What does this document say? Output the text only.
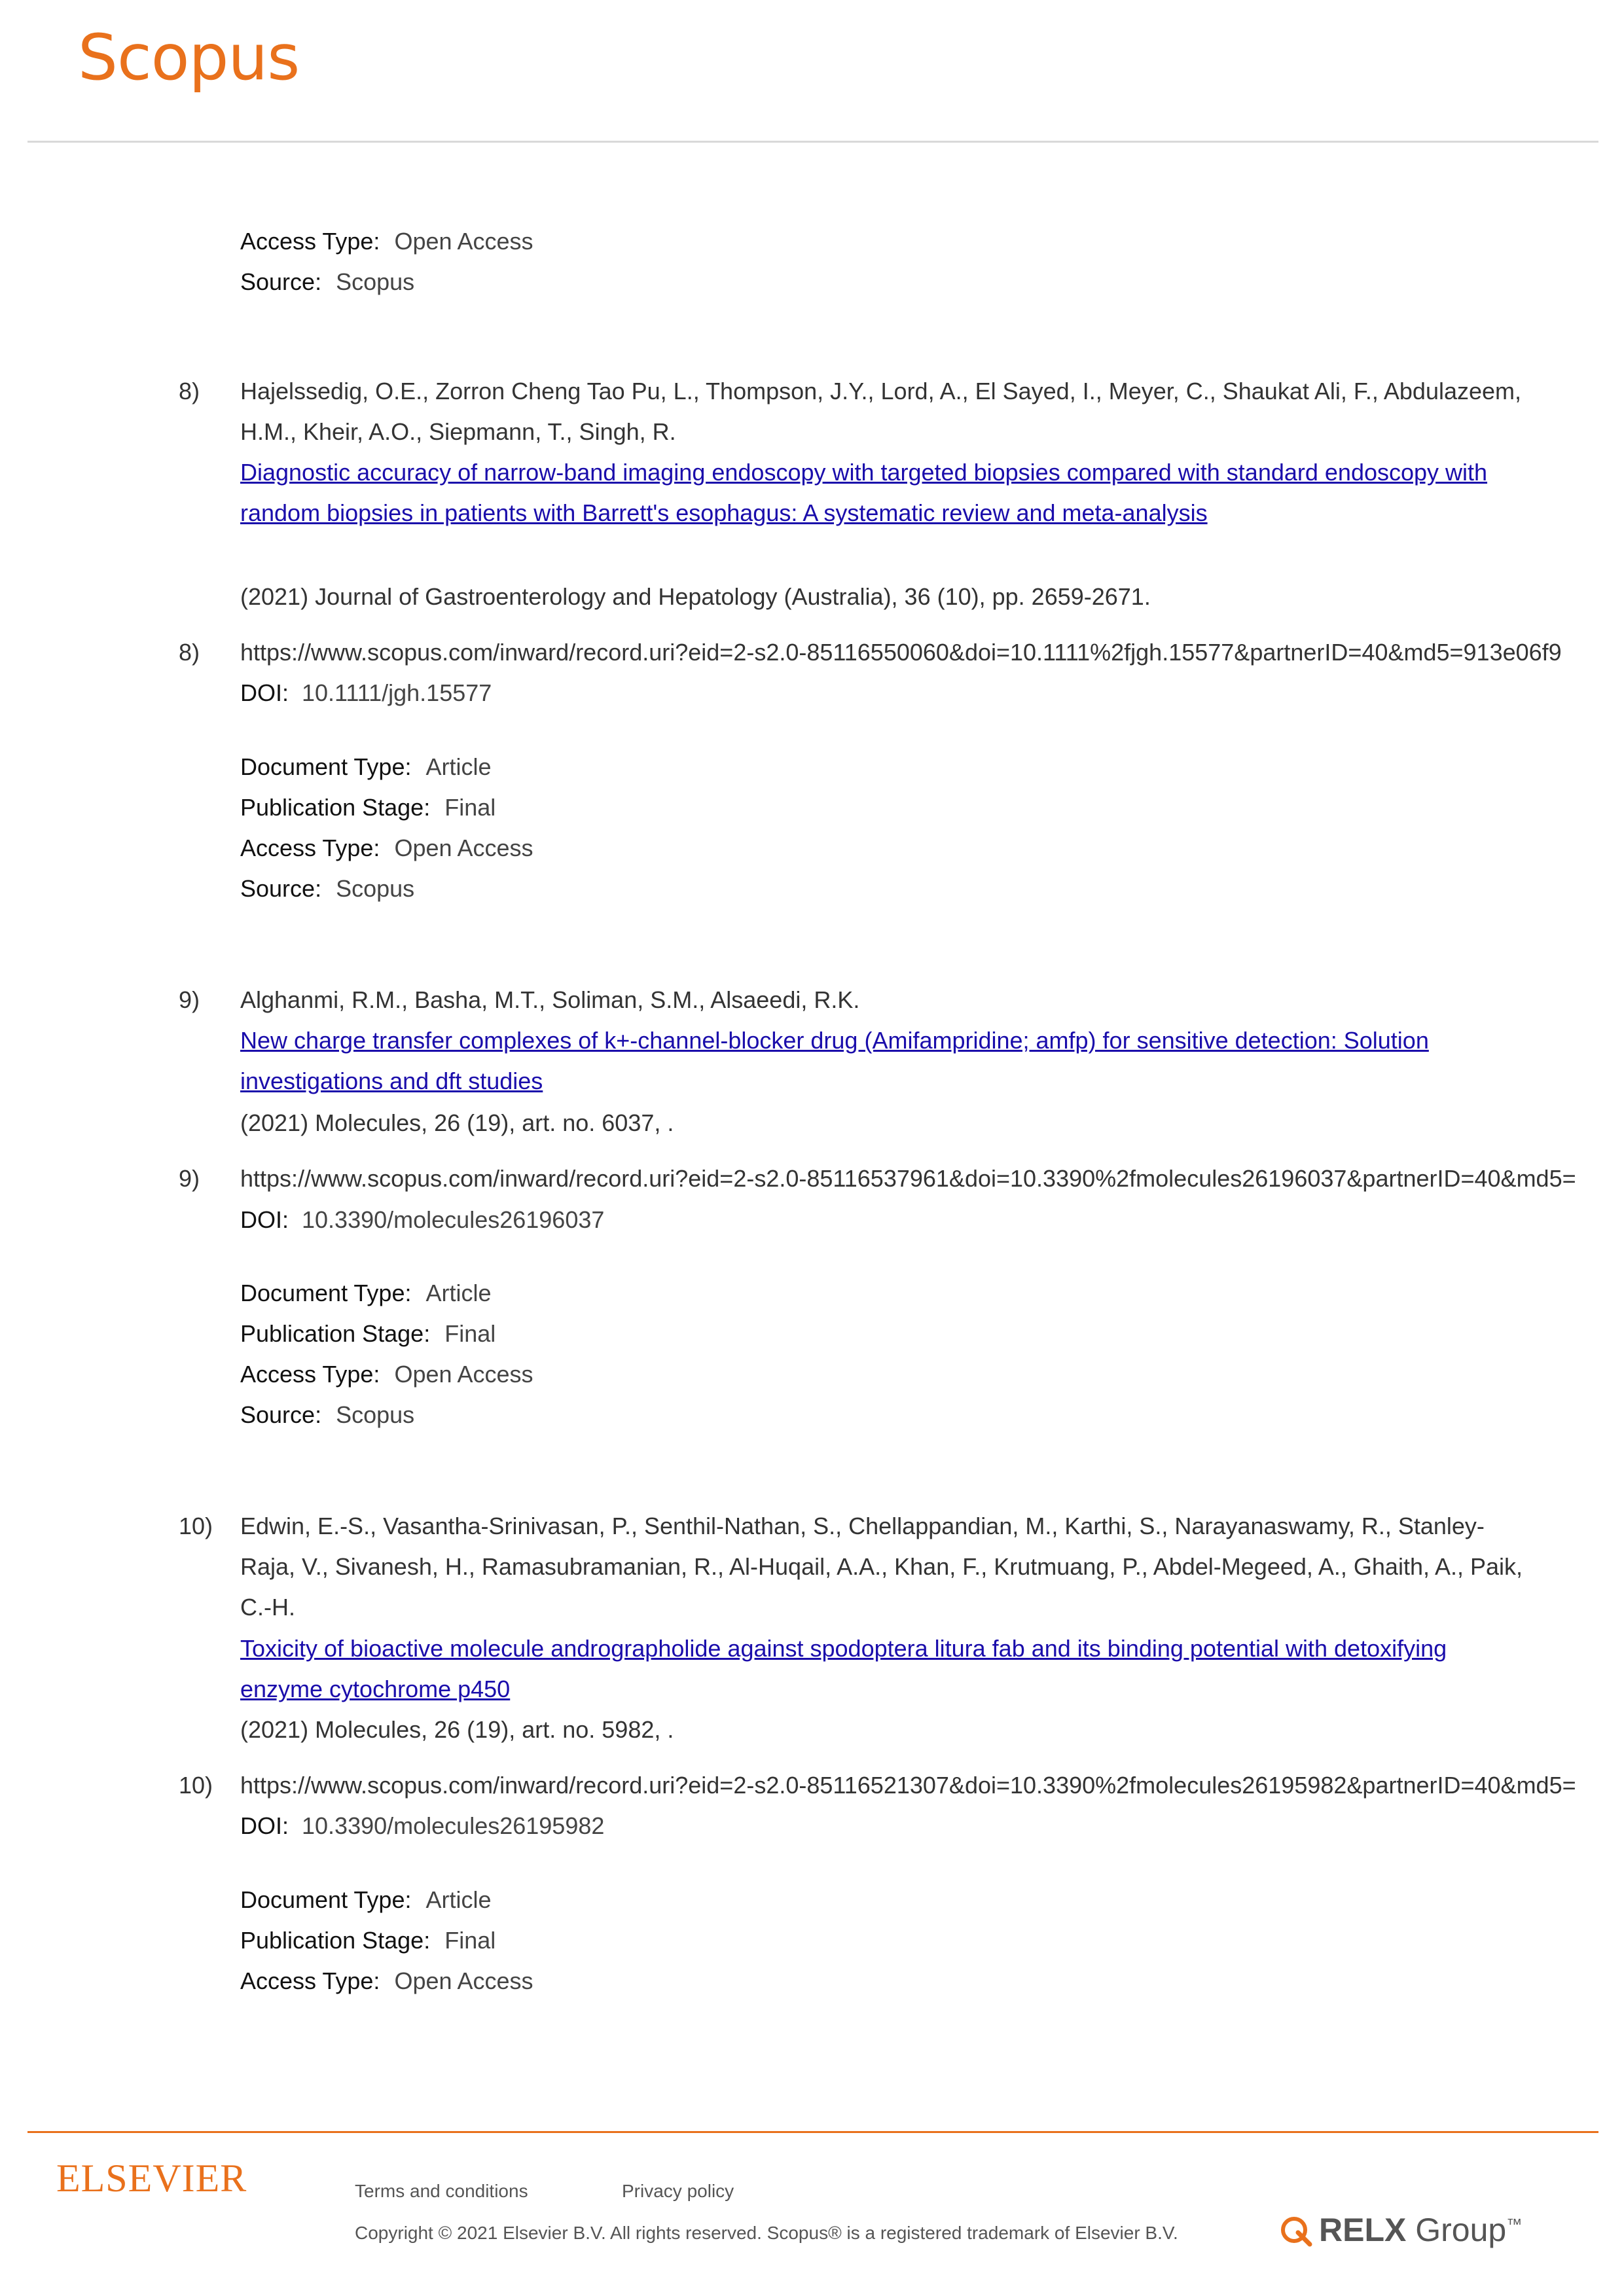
Scopus
Access Type: Open Access
Source: Scopus
8) Hajelssedig, O.E., Zorron Cheng Tao Pu, L., Thompson, J.Y., Lord, A., El Sayed, I., Meyer, C., Shaukat Ali, F., Abdulazeem, H.M., Kheir, A.O., Siepmann, T., Singh, R.
Diagnostic accuracy of narrow-band imaging endoscopy with targeted biopsies compared with standard endoscopy with random biopsies in patients with Barrett's esophagus: A systematic review and meta-analysis
(2021) Journal of Gastroenterology and Hepatology (Australia), 36 (10), pp. 2659-2671.
8) https://www.scopus.com/inward/record.uri?eid=2-s2.0-85116550060&doi=10.1111%2fjgh.15577&partnerID=40&md5=913e06f9
DOI: 10.1111/jgh.15577
Document Type: Article
Publication Stage: Final
Access Type: Open Access
Source: Scopus
9) Alghanmi, R.M., Basha, M.T., Soliman, S.M., Alsaeedi, R.K.
New charge transfer complexes of k+-channel-blocker drug (Amifampridine; amfp) for sensitive detection: Solution investigations and dft studies
(2021) Molecules, 26 (19), art. no. 6037, .
9) https://www.scopus.com/inward/record.uri?eid=2-s2.0-85116537961&doi=10.3390%2fmolecules26196037&partnerID=40&md5=
DOI: 10.3390/molecules26196037
Document Type: Article
Publication Stage: Final
Access Type: Open Access
Source: Scopus
10) Edwin, E.-S., Vasantha-Srinivasan, P., Senthil-Nathan, S., Chellappandian, M., Karthi, S., Narayanaswamy, R., Stanley-Raja, V., Sivanesh, H., Ramasubramanian, R., Al-Huqail, A.A., Khan, F., Krutmuang, P., Abdel-Megeed, A., Ghaith, A., Paik, C.-H.
Toxicity of bioactive molecule andrographolide against spodoptera litura fab and its binding potential with detoxifying enzyme cytochrome p450
(2021) Molecules, 26 (19), art. no. 5982, .
10) https://www.scopus.com/inward/record.uri?eid=2-s2.0-85116521307&doi=10.3390%2fmolecules26195982&partnerID=40&md5=
DOI: 10.3390/molecules26195982
Document Type: Article
Publication Stage: Final
Access Type: Open Access
ELSEVIER	Terms and conditions	Privacy policy
Copyright © 2021 Elsevier B.V. All rights reserved. Scopus® is a registered trademark of Elsevier B.V.	RELX Group™
